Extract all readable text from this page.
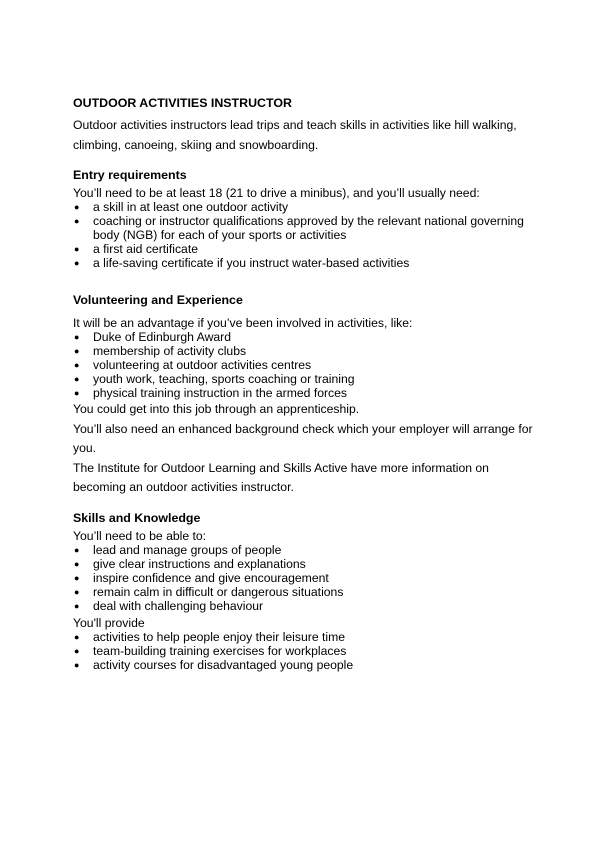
OUTDOOR ACTIVITIES INSTRUCTOR

Outdoor activities instructors lead trips and teach skills in activities like hill walking, climbing, canoeing, skiing and snowboarding.

Entry requirements

You’ll need to be at least 18 (21 to drive a minibus), and you’ll usually need:

● a skill in at least one outdoor activity
● coaching or instructor qualifications approved by the relevant national governing body (NGB) for each of your sports or activities
● a first aid certificate
● a life-saving certificate if you instruct water-based activities
Volunteering and Experience

It will be an advantage if you’ve been involved in activities, like:

● Duke of Edinburgh Award
● membership of activity clubs
● volunteering at outdoor activities centres
● youth work, teaching, sports coaching or training
● physical training instruction in the armed forces

You could get into this job through an apprenticeship.

You’ll also need an enhanced background check which your employer will arrange for you.

The Institute for Outdoor Learning and Skills Active have more information on becoming an outdoor activities instructor.

Skills and Knowledge

You’ll need to be able to:

● lead and manage groups of people
● give clear instructions and explanations
● inspire confidence and give encouragement
● remain calm in difficult or dangerous situations
● deal with challenging behaviour

You'll provide

● activities to help people enjoy their leisure time
● team-building training exercises for workplaces
● activity courses for disadvantaged young people
